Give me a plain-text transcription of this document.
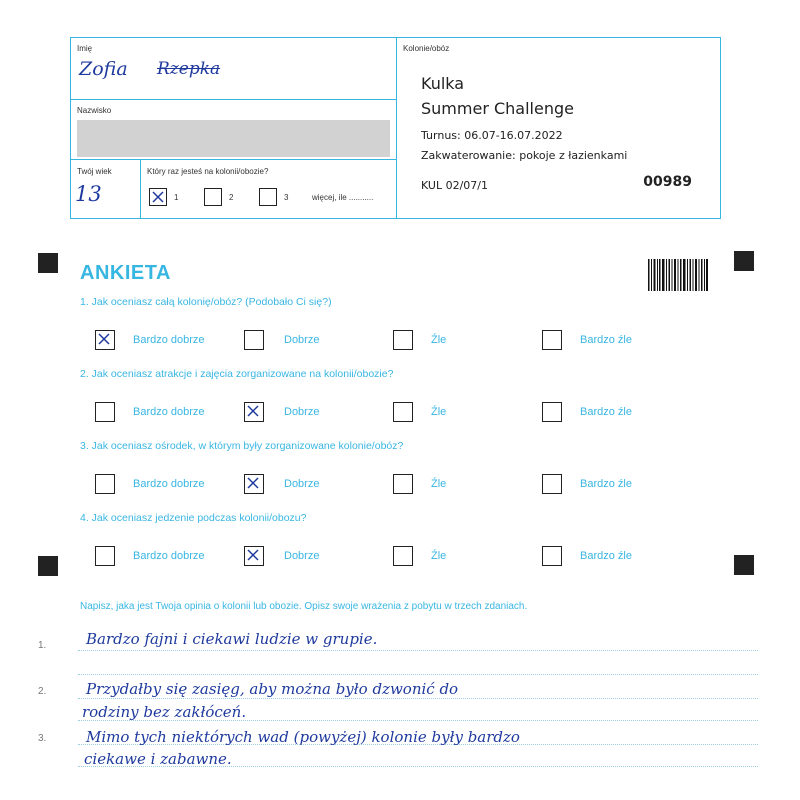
Imię
Zofia Rzepka
Nazwisko
Twój wiek
13
Który raz jesteś na kolonii/obozie?
1	2	3	więcej, ile ...........
Kolonie/obóz
Kulka
Summer Challenge
Turnus: 06.07-16.07.2022
Zakwaterowanie: pokoje z łazienkami
KUL 02/07/1	00989
ANKIETA
1. Jak oceniasz całą kolonię/obóz? (Podobało Ci się?)
Bardzo dobrze	Dobrze	Źle	Bardzo źle
2. Jak oceniasz atrakcje i zajęcia zorganizowane na kolonii/obozie?
Bardzo dobrze	Dobrze	Źle	Bardzo źle
3. Jak oceniasz ośrodek, w którym były zorganizowane kolonie/obóz?
Bardzo dobrze	Dobrze	Źle	Bardzo źle
4. Jak oceniasz jedzenie podczas kolonii/obozu?
Bardzo dobrze	Dobrze	Źle	Bardzo źle
Napisz, jaka jest Twoja opinia o kolonii lub obozie. Opisz swoje wrażenia z pobytu w trzech zdaniach.
1.
2.
3.
Bardzo fajni i ciekawi ludzie w grupie.
Przydałby się zasięg, aby można było dzwonić do
rodziny bez zakłóceń.
Mimo tych niektórych wad (powyżej) kolonie były bardzo
ciekawe i zabawne.
